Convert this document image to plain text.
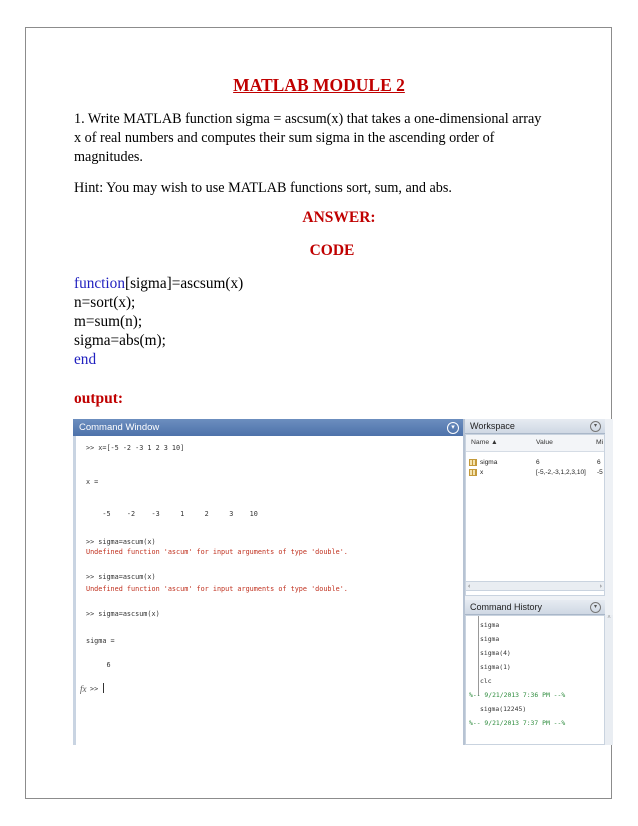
MATLAB MODULE 2
1. Write MATLAB function sigma = ascsum(x) that takes a one-dimensional array
x of real numbers and computes their sum sigma in the ascending order of
magnitudes.
Hint: You may wish to use MATLAB functions sort, sum, and abs.
ANSWER:
CODE
function[sigma]=ascsum(x)
n=sort(x);
m=sum(n);
sigma=abs(m);
end
output:
Command Window	▾
>> x=[-5 -2 -3 1 2 3 10]
x =
-5    -2    -3     1     2     3    10
>> sigma=ascum(x)
Undefined function 'ascum' for input arguments of type 'double'.
>> sigma=ascum(x)
Undefined function 'ascum' for input arguments of type 'double'.
>> sigma=ascsum(x)
sigma =
6
fx >>
Workspace	▾
Name ▲	Value	Mi
sigma	6	6
x	[-5,-2,-3,1,2,3,10] -5
‹	›
Command History	▾
sigma
sigma
sigma(4)
sigma(1)
clc
%-- 9/21/2013 7:36 PM --%
sigma(12245)
%-- 9/21/2013 7:37 PM --%
^
